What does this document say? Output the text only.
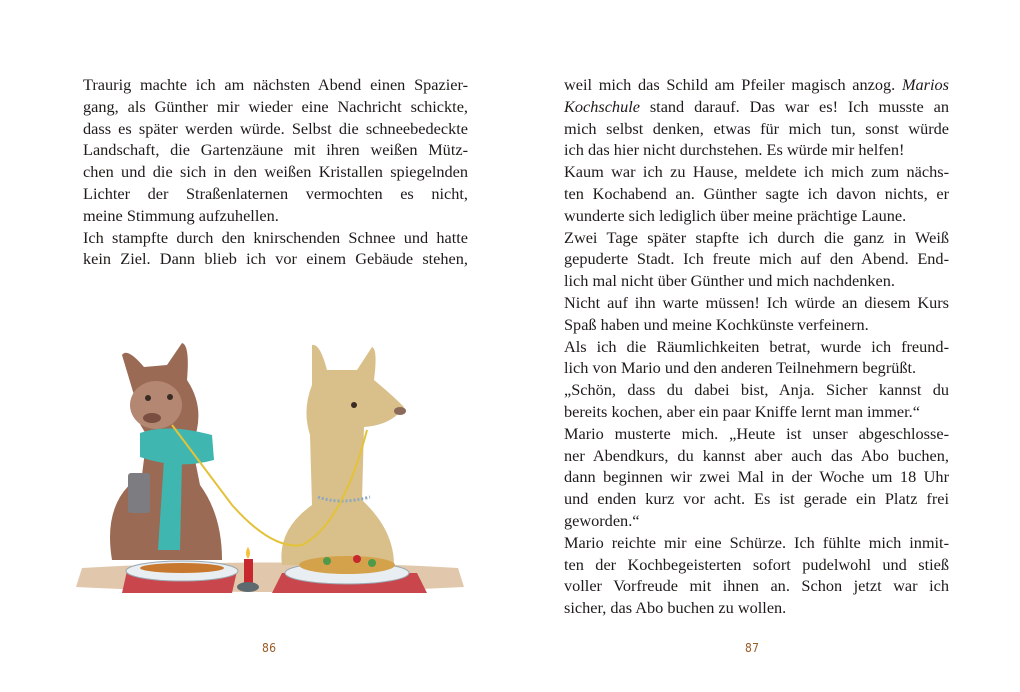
Traurig machte ich am nächsten Abend einen Spazier-
gang, als Günther mir wieder eine Nachricht schickte,
dass es später werden würde. Selbst die schneebedeckte
Landschaft, die Gartenzäune mit ihren weißen Mütz-
chen und die sich in den weißen Kristallen spiegelnden
Lichter der Straßenlaternen vermochten es nicht,
meine Stimmung aufzuhellen.
Ich stampfte durch den knirschenden Schnee und hatte
kein Ziel. Dann blieb ich vor einem Gebäude stehen,
86
weil mich das Schild am Pfeiler magisch anzog. Marios
Kochschule stand darauf. Das war es! Ich musste an
mich selbst denken, etwas für mich tun, sonst würde
ich das hier nicht durchstehen. Es würde mir helfen!
Kaum war ich zu Hause, meldete ich mich zum nächs-
ten Kochabend an. Günther sagte ich davon nichts, er
wunderte sich lediglich über meine prächtige Laune.
Zwei Tage später stapfte ich durch die ganz in Weiß
gepuderte Stadt. Ich freute mich auf den Abend. End-
lich mal nicht über Günther und mich nachdenken.
Nicht auf ihn warte müssen! Ich würde an diesem Kurs
Spaß haben und meine Kochkünste verfeinern.
Als ich die Räumlichkeiten betrat, wurde ich freund-
lich von Mario und den anderen Teilnehmern begrüßt.
„Schön, dass du dabei bist, Anja. Sicher kannst du
bereits kochen, aber ein paar Kniffe lernt man immer.“
Mario musterte mich. „Heute ist unser abgeschlosse-
ner Abendkurs, du kannst aber auch das Abo buchen,
dann beginnen wir zwei Mal in der Woche um 18 Uhr
und enden kurz vor acht. Es ist gerade ein Platz frei
geworden.“
Mario reichte mir eine Schürze. Ich fühlte mich inmit-
ten der Kochbegeisterten sofort pudelwohl und stieß
voller Vorfreude mit ihnen an. Schon jetzt war ich
sicher, das Abo buchen zu wollen.
87
